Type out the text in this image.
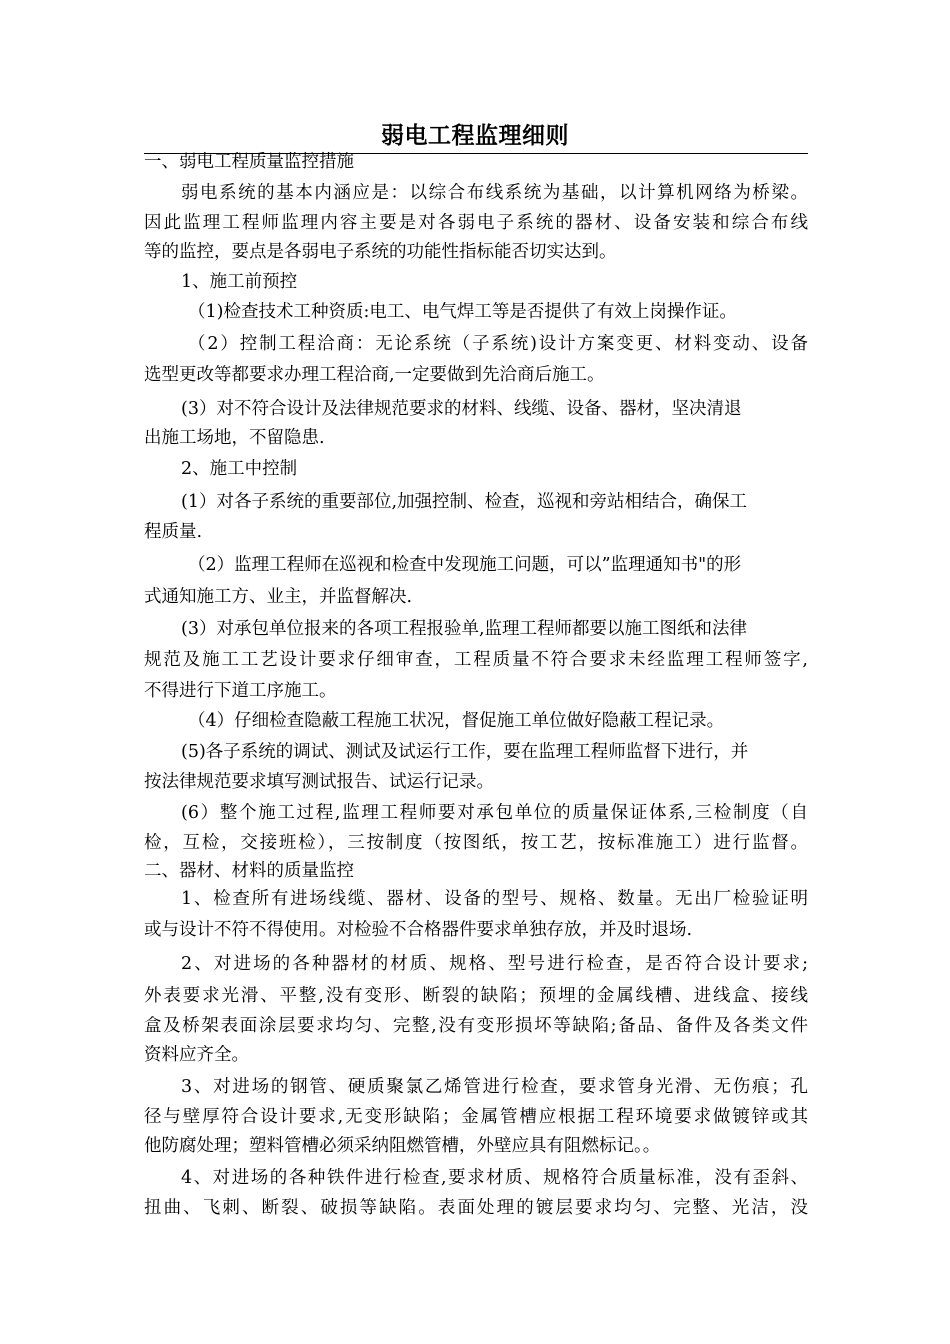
弱电工程监理细则
一、弱电工程质量监控措施
弱电系统的基本内涵应是：以综合布线系统为基础，以计算机网络为桥梁。
因此监理工程师监理内容主要是对各弱电子系统的器材、设备安装和综合布线
等的监控，要点是各弱电子系统的功能性指标能否切实达到。
1、施工前预控
（1)检查技术工种资质:电工、电气焊工等是否提供了有效上岗操作证。
（2）控制工程洽商：无论系统（子系统)设计方案变更、材料变动、设备
选型更改等都要求办理工程洽商,一定要做到先洽商后施工。
(3）对不符合设计及法律规范要求的材料、线缆、设备、器材，坚决清退
出施工场地，不留隐患.
2、施工中控制
(1）对各子系统的重要部位,加强控制、检查，巡视和旁站相结合，确保工
程质量.
（2）监理工程师在巡视和检查中发现施工问题，可以”监理通知书"的形
式通知施工方、业主，并监督解决.
(3）对承包单位报来的各项工程报验单,监理工程师都要以施工图纸和法律
规范及施工工艺设计要求仔细审查，工程质量不符合要求未经监理工程师签字,
不得进行下道工序施工。
（4）仔细检查隐蔽工程施工状况，督促施工单位做好隐蔽工程记录。
(5)各子系统的调试、测试及试运行工作，要在监理工程师监督下进行，并
按法律规范要求填写测试报告、试运行记录。
(6）整个施工过程,监理工程师要对承包单位的质量保证体系,三检制度（自
检，互检，交接班检），三按制度（按图纸，按工艺，按标准施工）进行监督。
二、器材、材料的质量监控
1、检查所有进场线缆、器材、设备的型号、规格、数量。无出厂检验证明
或与设计不符不得使用。对检验不合格器件要求单独存放，并及时退场.
2、对进场的各种器材的材质、规格、型号进行检查，是否符合设计要求;
外表要求光滑、平整,没有变形、断裂的缺陷；预埋的金属线槽、进线盒、接线
盒及桥架表面涂层要求均匀、完整,没有变形损坏等缺陷;备品、备件及各类文件
资料应齐全。
3、对进场的钢管、硬质聚氯乙烯管进行检查，要求管身光滑、无伤痕；孔
径与壁厚符合设计要求,无变形缺陷；金属管槽应根据工程环境要求做镀锌或其
他防腐处理；塑料管槽必须采纳阻燃管槽，外壁应具有阻燃标记。。
4、对进场的各种铁件进行检查,要求材质、规格符合质量标准，没有歪斜、
扭曲、飞刺、断裂、破损等缺陷。表面处理的镀层要求均匀、完整、光洁，没
